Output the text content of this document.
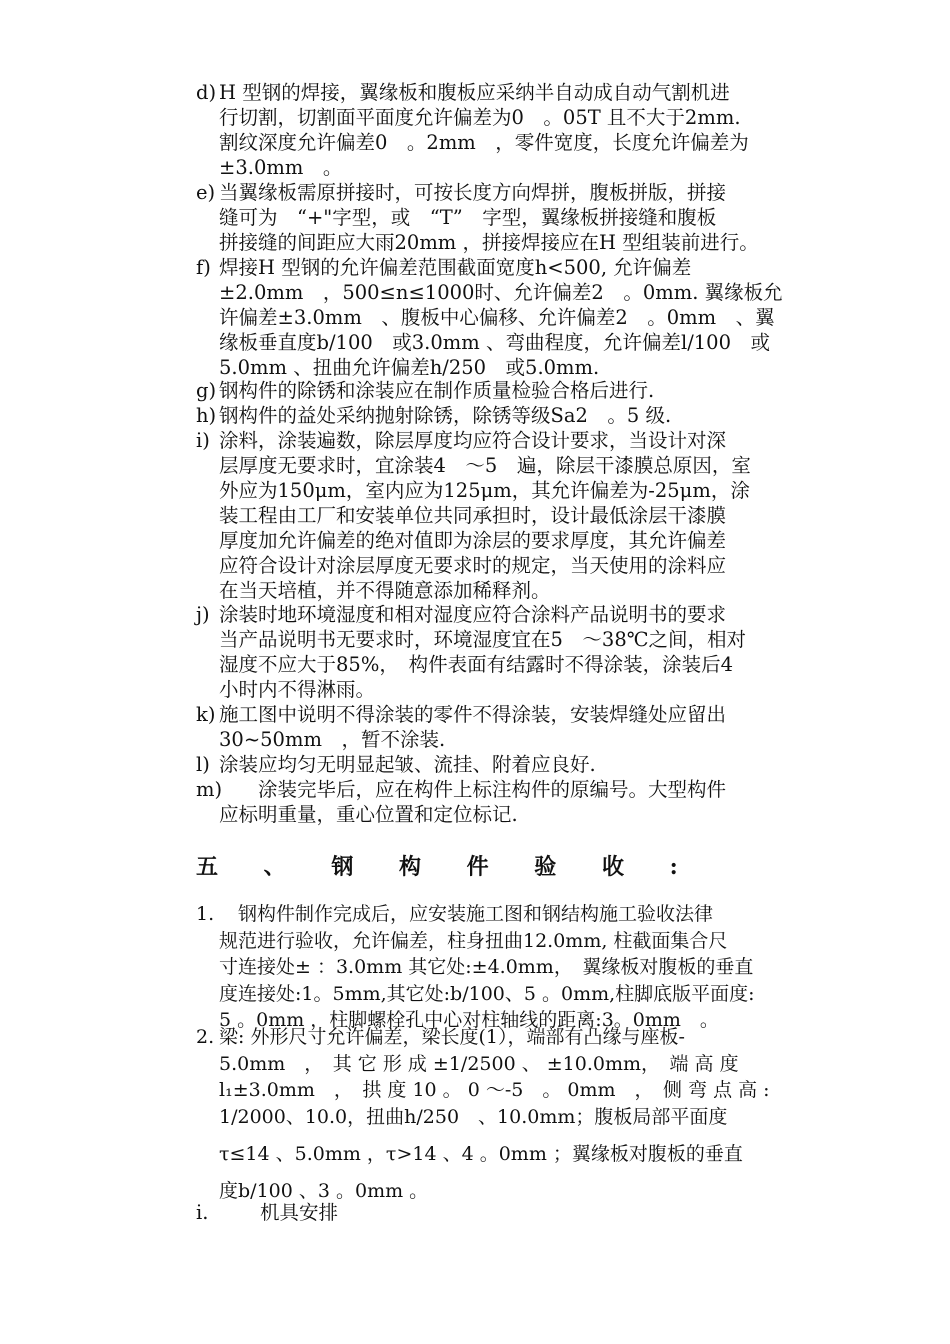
d) H 型钢的焊接，翼缘板和腹板应采纳半自动成自动气割机进
行切割，切割面平面度允许偏差为0　。05T 且不大于2mm.
割纹深度允许偏差0　。2mm　，零件宽度，长度允许偏差为
±3.0mm　。
e) 当翼缘板需原拼接时，可按长度方向焊拼，腹板拼版，拼接
缝可为　“+"字型，或　“T”　字型，翼缘板拼接缝和腹板
拼接缝的间距应大雨20mm ，拼接焊接应在H 型组装前进行。
f) 焊接H 型钢的允许偏差范围截面宽度h<500, 允许偏差
±2.0mm　，500≤n≤1000时、允许偏差2　。0mm. 翼缘板允
许偏差±3.0mm　、腹板中心偏移、允许偏差2　。0mm　、翼
缘板垂直度b/100　或3.0mm 、弯曲程度，允许偏差l/100　或
5.0mm 、扭曲允许偏差h/250　或5.0mm.
g) 钢构件的除锈和涂装应在制作质量检验合格后进行.
h) 钢构件的益处采纳抛射除锈，除锈等级Sa2　。5 级.
i) 涂料，涂装遍数，除层厚度均应符合设计要求，当设计对深
层厚度无要求时，宜涂装4　～5　遍，除层干漆膜总原因，室
外应为150μm，室内应为125μm，其允许偏差为-25μm，涂
装工程由工厂和安装单位共同承担时，设计最低涂层干漆膜
厚度加允许偏差的绝对值即为涂层的要求厚度，其允许偏差
应符合设计对涂层厚度无要求时的规定，当天使用的涂料应
在当天培植，并不得随意添加稀释剂。
j) 涂装时地环境湿度和相对湿度应符合涂料产品说明书的要求
当产品说明书无要求时，环境湿度宜在5　～38℃之间，相对
湿度不应大于85%，　构件表面有结露时不得涂装，涂装后4
小时内不得淋雨。
k) 施工图中说明不得涂装的零件不得涂装，安装焊缝处应留出
30~50mm　，暂不涂装.
l) 涂装应均匀无明显起皱、流挂、附着应良好.
m)
　　涂装完毕后，应在构件上标注构件的原编号。大型构件
应标明重量，重心位置和定位标记.
五 、 钢 构 件 验 收 :
1. 　钢构件制作完成后，应安装施工图和钢结构施工验收法律
规范进行验收，允许偏差，柱身扭曲12.0mm, 柱截面集合尺
寸连接处± ：3.0mm 其它处:±4.0mm，　翼缘板对腹板的垂直
度连接处:1。5mm,其它处:b/100、5 。0mm,柱脚底版平面度:
5 。0mm ，柱脚螺栓孔中心对柱轴线的距离:3。0mm　。
2. 梁: 外形尺寸允许偏差，梁长度(1），端部有凸缘与座板-
5.0mm　，　其 它 形 成 ±1/2500 、 ±10.0mm，　端 高 度
l₁±3.0mm　，　拱 度 10 。 0 ～-5　。 0mm　，　侧 弯 点 高 :
1/2000、10.0，扭曲h/250　、10.0mm；腹板局部平面度
τ≤14 、5.0mm ，τ>14 、4 。0mm ；翼缘板对腹板的垂直
度b/100 、3 。0mm 。
i.	机具安排
